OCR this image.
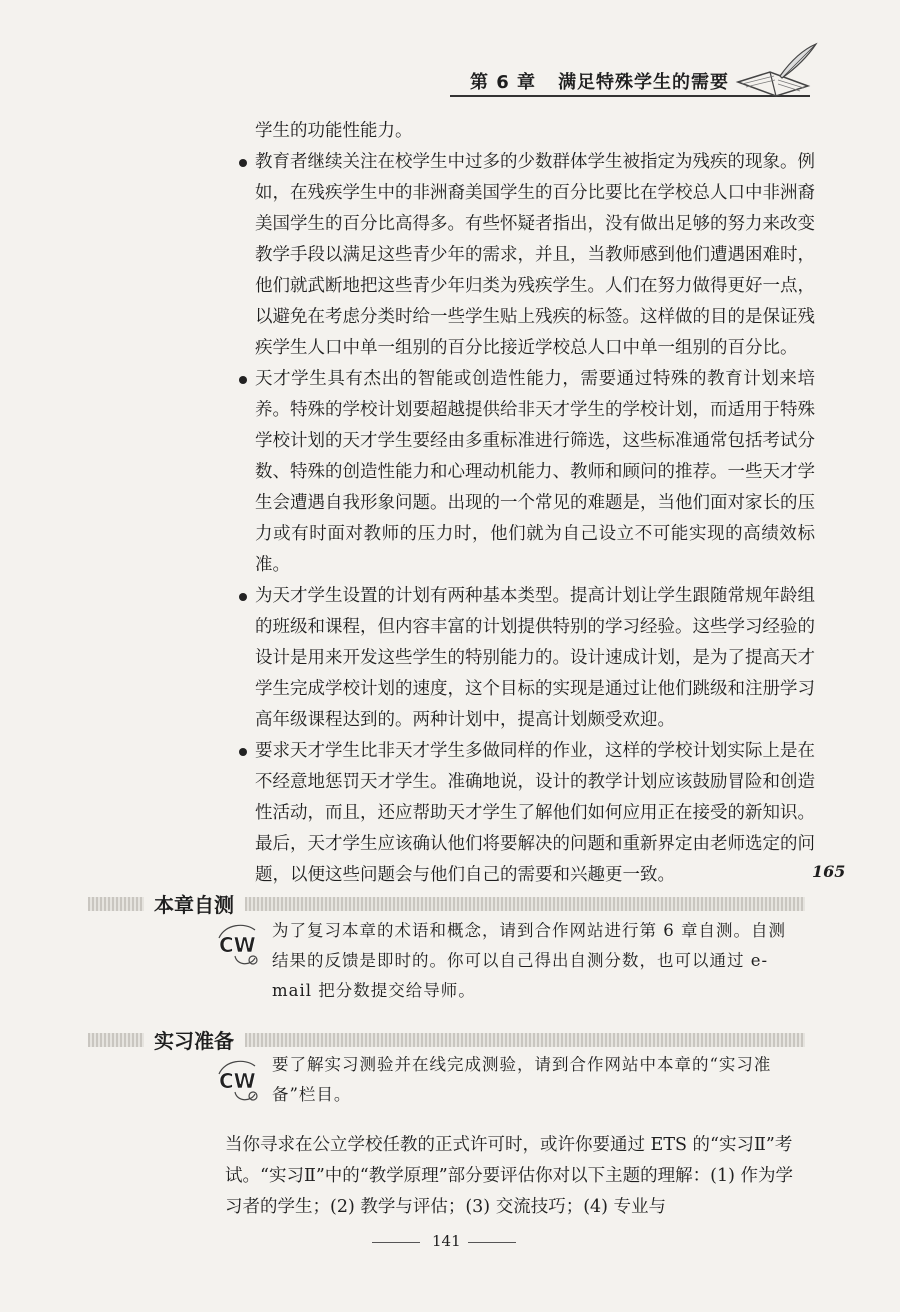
第 6 章 满足特殊学生的需要
学生的功能性能力。
教育者继续关注在校学生中过多的少数群体学生被指定为残疾的现象。例如，在残疾学生中的非洲裔美国学生的百分比要比在学校总人口中非洲裔美国学生的百分比高得多。有些怀疑者指出，没有做出足够的努力来改变教学手段以满足这些青少年的需求，并且，当教师感到他们遭遇困难时，他们就武断地把这些青少年归类为残疾学生。人们在努力做得更好一点，以避免在考虑分类时给一些学生贴上残疾的标签。这样做的目的是保证残疾学生人口中单一组别的百分比接近学校总人口中单一组别的百分比。
天才学生具有杰出的智能或创造性能力，需要通过特殊的教育计划来培养。特殊的学校计划要超越提供给非天才学生的学校计划，而适用于特殊学校计划的天才学生要经由多重标准进行筛选，这些标准通常包括考试分数、特殊的创造性能力和心理动机能力、教师和顾问的推荐。一些天才学生会遭遇自我形象问题。出现的一个常见的难题是，当他们面对家长的压力或有时面对教师的压力时，他们就为自己设立不可能实现的高绩效标准。
为天才学生设置的计划有两种基本类型。提高计划让学生跟随常规年龄组的班级和课程，但内容丰富的计划提供特别的学习经验。这些学习经验的设计是用来开发这些学生的特别能力的。设计速成计划，是为了提高天才学生完成学校计划的速度，这个目标的实现是通过让他们跳级和注册学习高年级课程达到的。两种计划中，提高计划颇受欢迎。
要求天才学生比非天才学生多做同样的作业，这样的学校计划实际上是在不经意地惩罚天才学生。准确地说，设计的教学计划应该鼓励冒险和创造性活动，而且，还应帮助天才学生了解他们如何应用正在接受的新知识。最后，天才学生应该确认他们将要解决的问题和重新界定由老师选定的问题，以便这些问题会与他们自己的需要和兴趣更一致。	165
本章自测
CW
为了复习本章的术语和概念，请到合作网站进行第 6 章自测。自测结果的反馈是即时的。你可以自己得出自测分数，也可以通过 e-mail 把分数提交给导师。
实习准备
CW
要了解实习测验并在线完成测验，请到合作网站中本章的“实习准备”栏目。
当你寻求在公立学校任教的正式许可时，或许你要通过 ETS 的“实习Ⅱ”考试。“实习Ⅱ”中的“教学原理”部分要评估你对以下主题的理解：(1) 作为学习者的学生；(2) 教学与评估；(3) 交流技巧；(4) 专业与
141
